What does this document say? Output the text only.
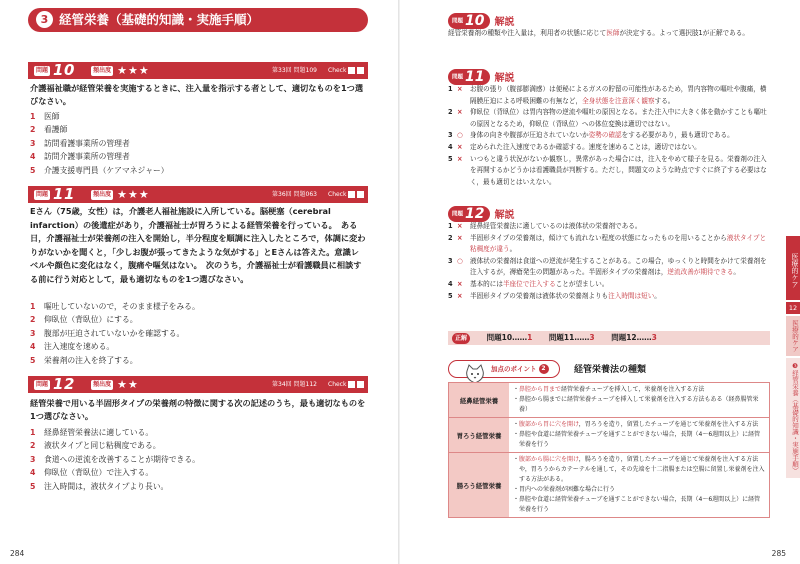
3 経管栄養（基礎的知識・実施手順）
問題 10	頻出度 ★★★	第33回 問題109 Check
介護福祉職が経管栄養を実施するときに、注入量を指示する者として、適切なものを1つ選びなさい。
1 医師
2 看護師
3 訪問看護事業所の管理者
4 訪問介護事業所の管理者
5 介護支援専門員（ケアマネジャー）
問題 11	頻出度 ★★★	第36回 問題063 Check
Eさん（75歳，女性）は，介護老人福祉施設に入所している。脳梗塞（cerebral infarction）の後遺症があり，介護福祉士が胃ろうによる経管栄養を行っている。　ある日，介護福祉士が栄養剤の注入を開始し，半分程度を順調に注入したところで，体調に変わりがないかを聞くと，「少しお腹が張ってきたような気がする」とEさんは答えた。意識レベルや顔色に変化はなく，腹痛や嘔気はない。　次のうち，介護福祉士が看護職員に相談する前に行う対応として，最も適切なものを1つ選びなさい。
1 嘔吐していないので，そのまま様子をみる。
2 仰臥位（背臥位）にする。
3 腹部が圧迫されていないかを確認する。
4 注入速度を速める。
5 栄養剤の注入を終了する。
問題 12	頻出度 ★★	第34回 問題112 Check
経管栄養で用いる半固形タイプの栄養剤の特徴に関する次の記述のうち，最も適切なものを1つ選びなさい。
1 経鼻経管栄養法に適している。
2 液状タイプと同じ粘稠度である。
3 食道への逆流を改善することが期待できる。
4 仰臥位（背臥位）で注入する。
5 注入時間は，液状タイプより長い。
284
問題 10 解説
経管栄養剤の種類や注入量は，利用者の状態に応じて医師が決定する。よって選択肢1が正解である。
問題 11 解説
1 × お腹の張り（腹部膨満感）は便秘によるガスの貯留の可能性があるため，胃内容物の嘔吐や腹痛，横隔膜圧迫による呼吸困難の有無など，全身状態を注意深く観察する。
2 × 仰臥位（背臥位）は胃内容物の逆流や嘔吐の原因となる。また注入中に大きく体を動かすことも嘔吐の原因となるため，仰臥位（背臥位）への体位変換は適切ではない。
3 ○ 身体の向きや腹部が圧迫されていないか姿勢の確認をする必要があり，最も適切である。
4 × 定められた注入速度であるか確認する。速度を速めることは，適切ではない。
5 × いつもと違う状況がないか観察し，異常があった場合には，注入をやめて様子を見る。栄養剤の注入を再開するかどうかは看護職員が判断する。ただし，問題文のような時点ですぐに終了する必要はなく，最も適切とはいえない。
問題 12 解説
1 × 経鼻経管栄養法に適しているのは液体状の栄養剤である。
2 × 半固形タイプの栄養剤は，傾けても流れない程度の状態になったものを用いることから液状タイプと粘稠度が違う。
3 ○ 液体状の栄養剤は食道への逆流が発生することがある。この場合，ゆっくりと時間をかけて栄養剤を注入するが，褥瘡発生の問題があった。半固形タイプの栄養剤は，逆流改善が期待できる。
4 × 基本的には半座位で注入することが望ましい。
5 × 半固形タイプの栄養剤は液体状の栄養剤よりも注入時間は短い。
正解	問題10……1 問題11……3 問題12……3
加点のポイント 2	経管栄養法の種類
経鼻経管栄養
・鼻腔から胃まで経管栄養チューブを挿入して，栄養剤を注入する方法
・鼻腔から腸までに経管栄養チューブを挿入して栄養剤を注入する方法もある（経鼻腸管栄養）
胃ろう経管栄養
・腹部から胃に穴を開け，胃ろうを造り，留置したチューブを通じて栄養剤を注入する方法
・鼻腔や食道に経管栄養チューブを通すことができない場合，長期（4〜6週間以上）に経管栄養を行う
腸ろう経管栄養
・腹部から腸に穴を開け，腸ろうを造り，留置したチューブを通じて栄養剤を注入する方法や，胃ろうからカテーテルを通して，その先端を十二指腸または空腸に留置し栄養剤を注入する方法がある。
・胃内への栄養剤が困難な場合に行う
・鼻腔や食道に経管栄養チューブを通すことができない場合，長期（4〜6週間以上）に経管栄養を行う
285
医療的ケア
12
医療的ケア
❸経管栄養（基礎的知識・実施手順）
